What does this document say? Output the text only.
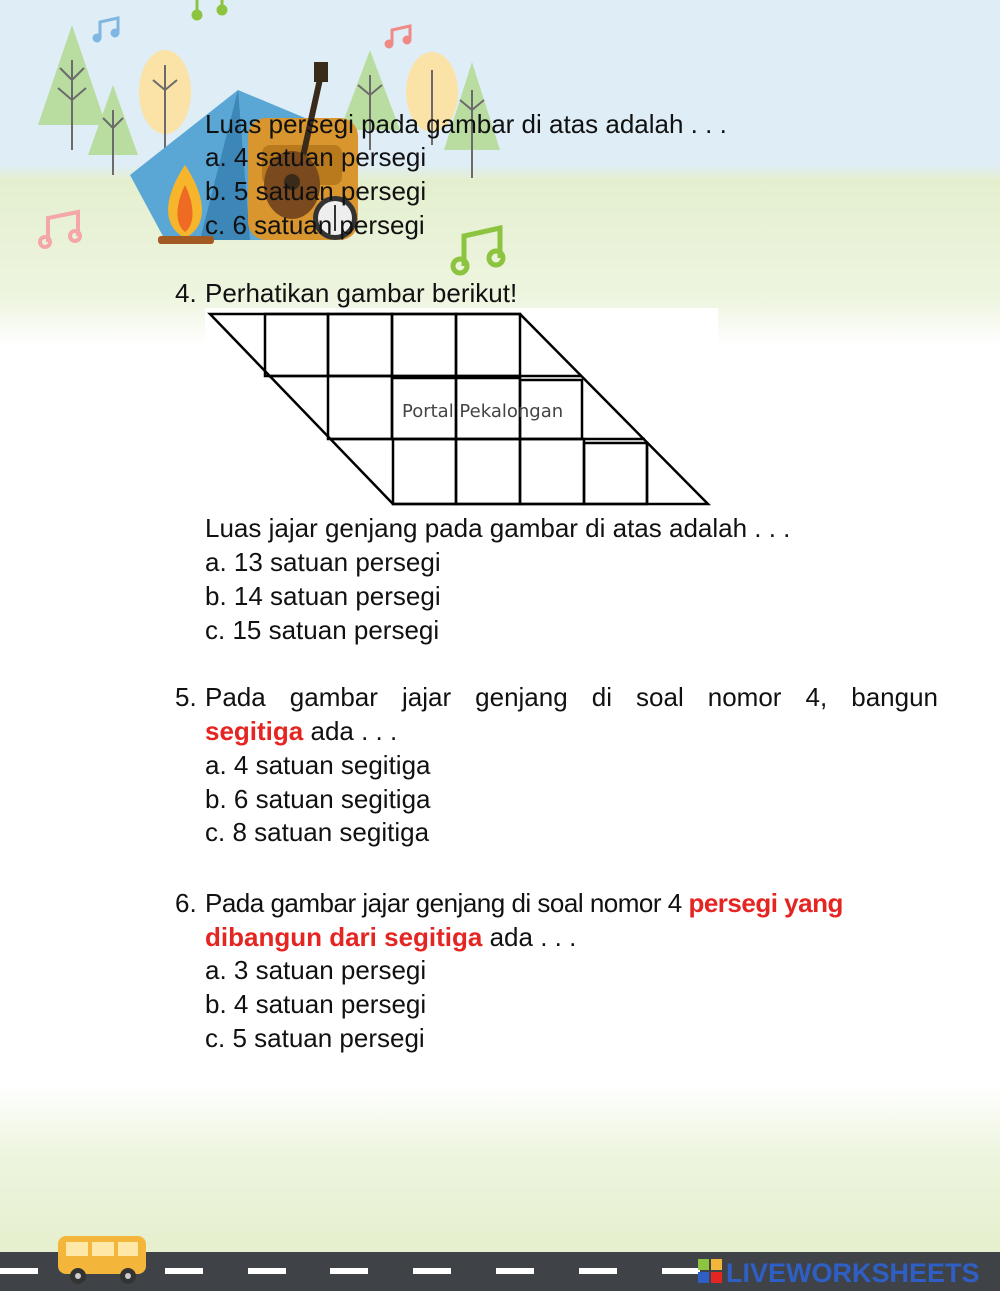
Luas persegi pada gambar di atas adalah . . .
a. 4 satuan persegi
b. 5 satuan persegi
c. 6 satuan persegi
4. Perhatikan gambar berikut!
Portal Pekalongan
Luas jajar genjang pada gambar di atas adalah . . .
a. 13 satuan persegi
b. 14 satuan persegi
c. 15 satuan persegi
5. Pada gambar jajar genjang di soal nomor 4, bangun
segitiga ada . . .
a. 4 satuan segitiga
b. 6 satuan segitiga
c. 8 satuan segitiga
6. Pada gambar jajar genjang di soal nomor 4 persegi yang
dibangun dari segitiga ada . . .
a. 3 satuan persegi
b. 4 satuan persegi
c. 5 satuan persegi
LIVEWORKSHEETS
